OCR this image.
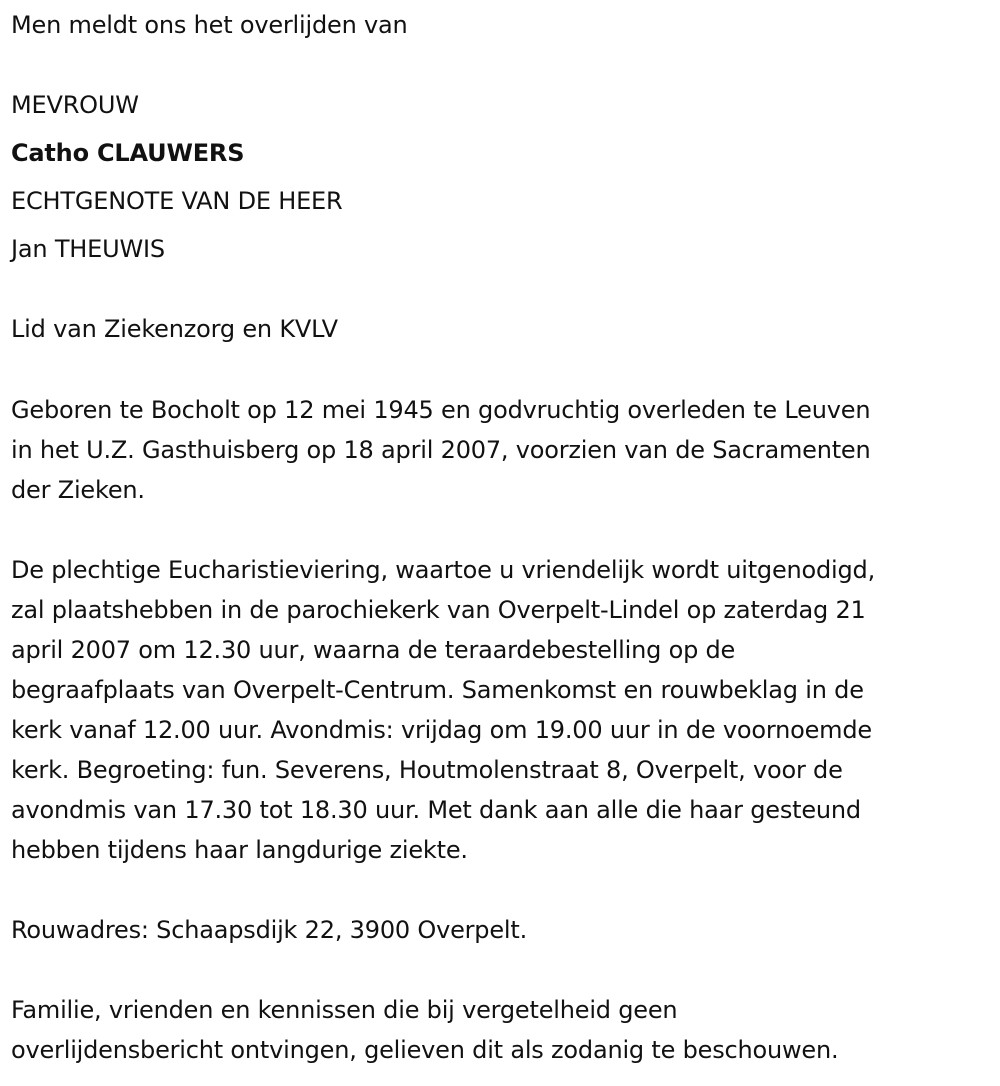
Men meldt ons het overlijden van
MEVROUW
Catho CLAUWERS
ECHTGENOTE VAN DE HEER
Jan THEUWIS
Lid van Ziekenzorg en KVLV
Geboren te Bocholt op 12 mei 1945 en godvruchtig overleden te Leuven
in het U.Z. Gasthuisberg op 18 april 2007, voorzien van de Sacramenten
der Zieken.
De plechtige Eucharistieviering, waartoe u vriendelijk wordt uitgenodigd,
zal plaatshebben in de parochiekerk van Overpelt-Lindel op zaterdag 21
april 2007 om 12.30 uur, waarna de teraardebestelling op de
begraafplaats van Overpelt-Centrum. Samenkomst en rouwbeklag in de
kerk vanaf 12.00 uur. Avondmis: vrijdag om 19.00 uur in de voornoemde
kerk. Begroeting: fun. Severens, Houtmolenstraat 8, Overpelt, voor de
avondmis van 17.30 tot 18.30 uur. Met dank aan alle die haar gesteund
hebben tijdens haar langdurige ziekte.
Rouwadres: Schaapsdijk 22, 3900 Overpelt.
Familie, vrienden en kennissen die bij vergetelheid geen
overlijdensbericht ontvingen, gelieven dit als zodanig te beschouwen.
